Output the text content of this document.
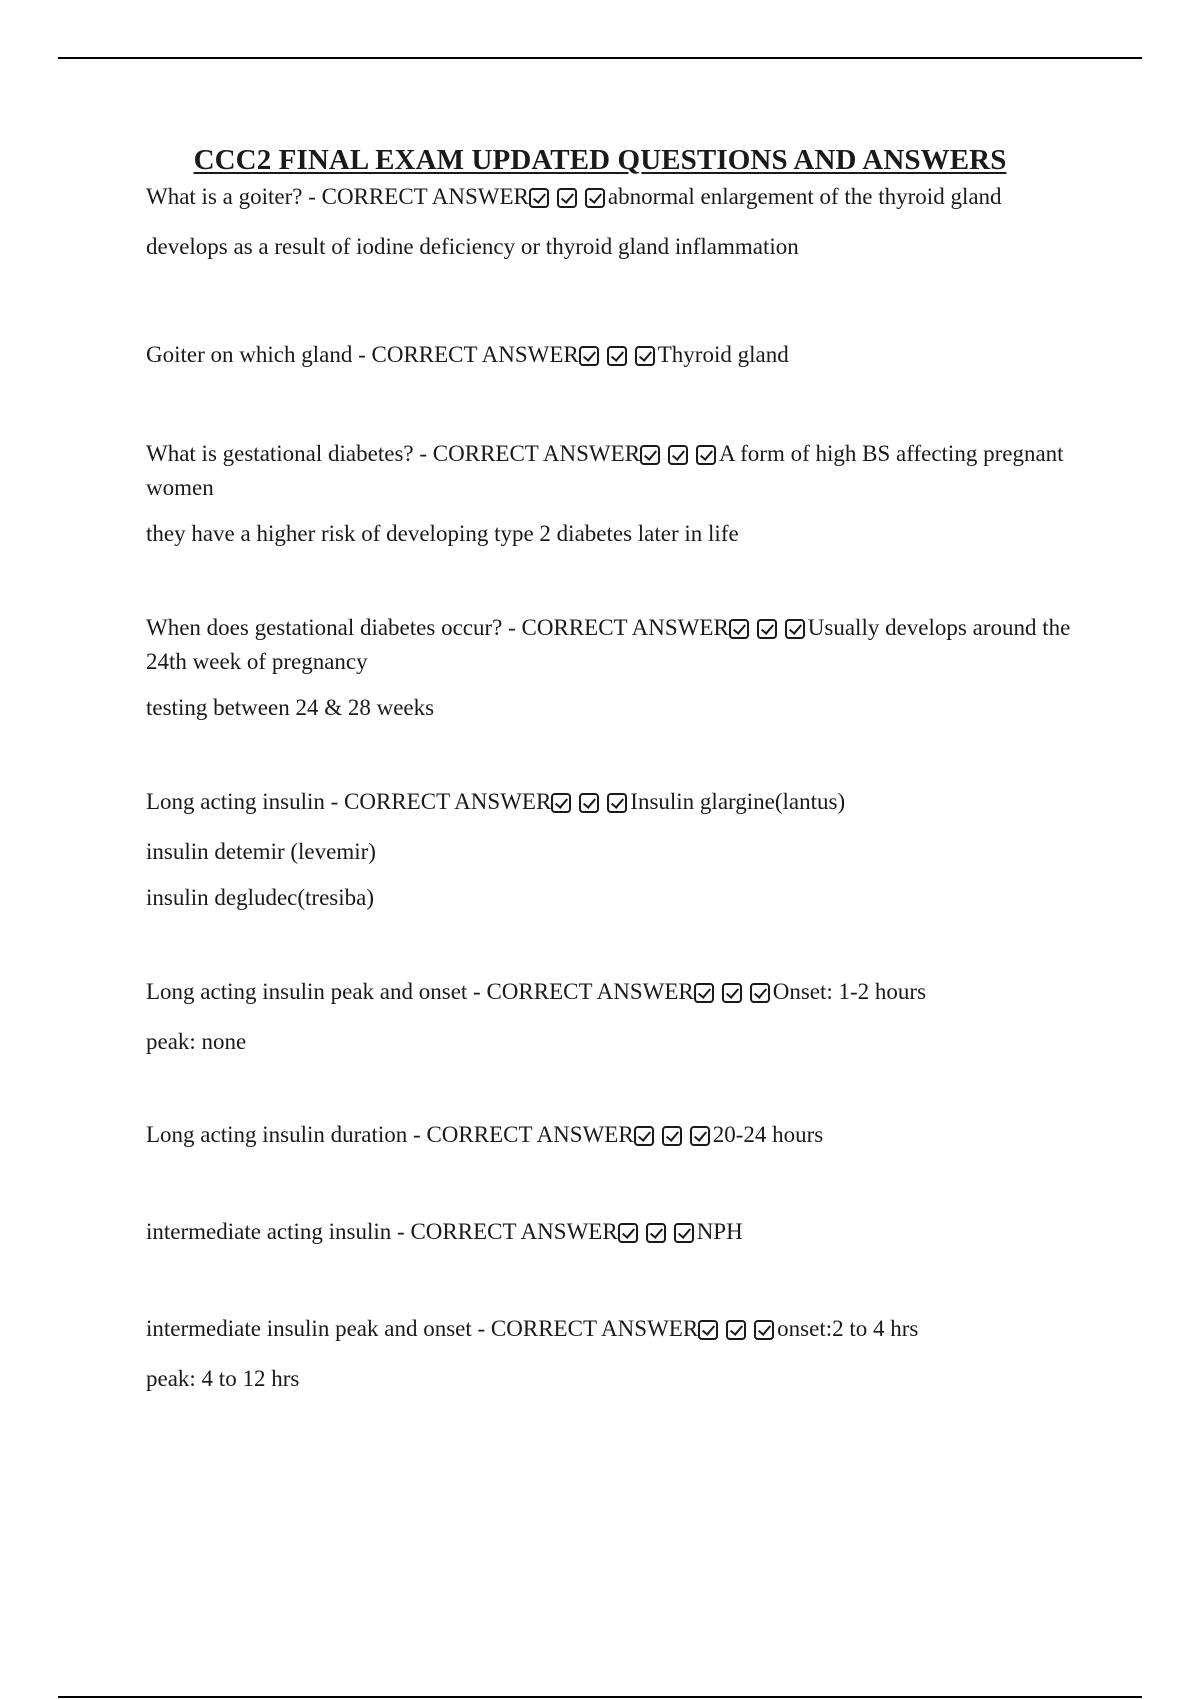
CCC2 FINAL EXAM UPDATED QUESTIONS AND ANSWERS
What is a goiter? - CORRECT ANSWER	abnormal enlargement of the thyroid gland
develops as a result of iodine deficiency or thyroid gland inflammation
Goiter on which gland - CORRECT ANSWER	Thyroid gland
What is gestational diabetes? - CORRECT ANSWER	A form of high BS affecting pregnant women
they have a higher risk of developing type 2 diabetes later in life
When does gestational diabetes occur? - CORRECT ANSWER	Usually develops around the 24th week of pregnancy
testing between 24 & 28 weeks
Long acting insulin - CORRECT ANSWER	Insulin glargine(lantus)
insulin detemir (levemir)
insulin degludec(tresiba)
Long acting insulin peak and onset - CORRECT ANSWER	Onset: 1-2 hours
peak: none
Long acting insulin duration - CORRECT ANSWER	20-24 hours
intermediate acting insulin - CORRECT ANSWER	NPH
intermediate insulin peak and onset - CORRECT ANSWER	onset:2 to 4 hrs
peak: 4 to 12 hrs
